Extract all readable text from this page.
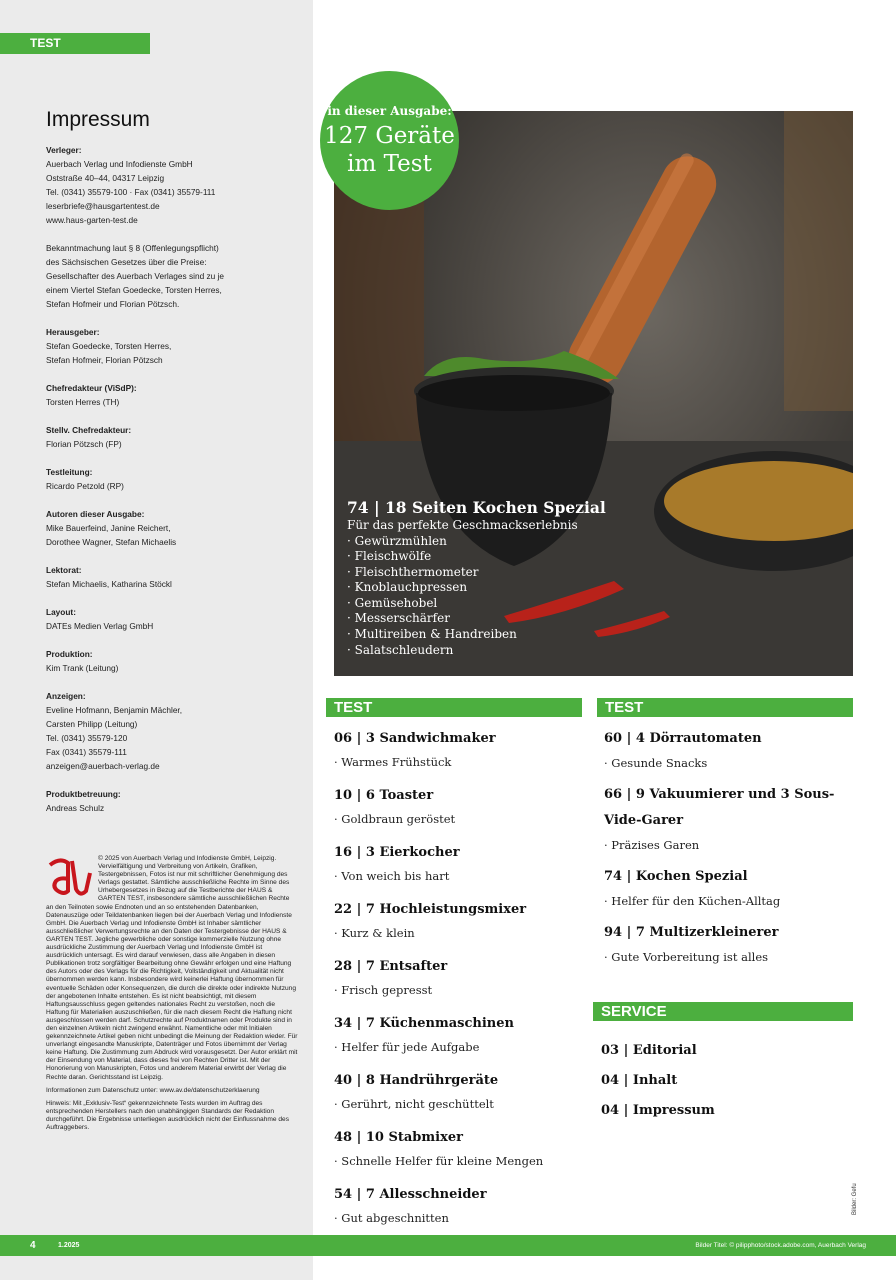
TEST
Impressum
Verleger:
Auerbach Verlag und Infodienste GmbH
Oststraße 40–44, 04317 Leipzig
Tel. (0341) 35579-100 · Fax (0341) 35579-111
leserbriefe@hausgartentest.de
www.haus-garten-test.de
Bekanntmachung laut § 8 (Offenlegungspflicht)
des Sächsischen Gesetzes über die Preise:
Gesellschafter des Auerbach Verlages sind zu je
einem Viertel Stefan Goedecke, Torsten Herres,
Stefan Hofmeir und Florian Pötzsch.
Herausgeber:
Stefan Goedecke, Torsten Herres,
Stefan Hofmeir, Florian Pötzsch
Chefredakteur (ViSdP):
Torsten Herres (TH)
Stellv. Chefredakteur:
Florian Pötzsch (FP)
Testleitung:
Ricardo Petzold (RP)
Autoren dieser Ausgabe:
Mike Bauerfeind, Janine Reichert,
Dorothee Wagner, Stefan Michaelis
Lektorat:
Stefan Michaelis, Katharina Stöckl
Layout:
DATEs Medien Verlag GmbH
Produktion:
Kim Trank (Leitung)
Anzeigen:
Eveline Hofmann, Benjamin Mächler,
Carsten Philipp (Leitung)
Tel. (0341) 35579-120
Fax (0341) 35579-111
anzeigen@auerbach-verlag.de
Produktbetreuung:
Andreas Schulz

© 2025 von Auerbach Verlag und Infodienste GmbH, Leipzig. Vervielfältigung und Verbreitung von Artikeln, Grafiken, Testergebnissen, Fotos ist nur mit schriftlicher Genehmigung des Verlags gestattet. Sämtliche ausschließliche Rechte im Sinne des Urhebergesetzes in Bezug auf die Testberichte der HAUS & GARTEN TEST, insbesondere sämtliche ausschließlichen Rechte an den Teilnoten sowie Endnoten und an so entstehenden Datenbanken, Datenauszüge oder Teildatenbanken liegen bei der Auerbach Verlag und Infodienste GmbH. Die Auerbach Verlag und Infodienste GmbH ist Inhaber sämtlicher ausschließlicher Verwertungsrechte an den Daten der Testergebnisse der HAUS & GARTEN TEST. Jegliche gewerbliche oder sonstige kommerzielle Nutzung ohne ausdrückliche Zustimmung der Auerbach Verlag und Infodienste GmbH ist ausdrücklich untersagt. Es wird darauf verwiesen, dass alle Angaben in diesen Publikationen trotz sorgfältiger Bearbeitung ohne Gewähr erfolgen und eine Haftung des Autors oder des Verlags für die Richtigkeit, Vollständigkeit und Aktualität nicht übernommen werden kann. Insbesondere wird keinerlei Haftung übernommen für eventuelle Schäden oder Konsequenzen, die durch die direkte oder indirekte Nutzung der angebotenen Inhalte entstehen. Es ist nicht beabsichtigt, mit diesem Haftungsausschluss gegen geltendes nationales Recht zu verstoßen, noch die Haftung für Materialien auszuschließen, für die nach diesem Recht die Haftung nicht ausgeschlossen werden darf. Schutzrechte auf Produktnamen oder Produkte sind in den einzelnen Artikeln nicht zwingend erwähnt. Namentliche oder mit Initialen gekennzeichnete Artikel geben nicht unbedingt die Meinung der Redaktion wieder. Für unverlangt eingesandte Manuskripte, Datenträger und Fotos übernimmt der Verlag keine Haftung. Die Zustimmung zum Abdruck wird vorausgesetzt. Der Autor erklärt mit der Einsendung von Material, dass dieses frei von Rechten Dritter ist. Mit der Honorierung von Manuskripten, Fotos und anderem Material erwirbt der Verlag die Rechte daran. Gerichtsstand ist Leipzig.

Informationen zum Datenschutz unter: www.av.de/datenschutzerklaerung

Hinweis: Mit „Exklusiv-Test“ gekennzeichnete Tests wurden im Auftrag des entsprechenden Herstellers nach den unabhängigen Standards der Redaktion durchgeführt. Die Ergebnisse unterliegen ausdrücklich nicht der Einflussnahme des Auftraggebers.

74 | 18 Seiten Kochen Spezial
Für das perfekte Geschmackserlebnis
· Gewürzmühlen
· Fleischwölfe
· Fleischthermometer
· Knoblauchpressen
· Gemüsehobel
· Messerschärfer
· Multireiben & Handreiben
· Salatschleudern
in dieser Ausgabe:
127 Geräte
im Test
TEST
06 | 3 Sandwichmaker
· Warmes Frühstück
10 | 6 Toaster
· Goldbraun geröstet
16 | 3 Eierkocher
· Von weich bis hart
22 | 7 Hochleistungsmixer
· Kurz & klein
28 | 7 Entsafter
· Frisch gepresst
34 | 7 Küchenmaschinen
· Helfer für jede Aufgabe
40 | 8 Handrührgeräte
· Gerührt, nicht geschüttelt
48 | 10 Stabmixer
· Schnelle Helfer für kleine Mengen
54 | 7 Allesschneider
· Gut abgeschnitten
TEST
60 | 4 Dörrautomaten
· Gesunde Snacks
66 | 9 Vakuumierer und 3 Sous-Vide-Garer
· Präzises Garen
74 | Kochen Spezial
· Helfer für den Küchen-Alltag
94 | 7 Multizerkleinerer
· Gute Vorbereitung ist alles
SERVICE
03 | Editorial
04 | Inhalt
04 | Impressum
Bilder: Gefu
4	1.2025	Bilder Titel: © pilipphoto/stock.adobe.com, Auerbach Verlag
